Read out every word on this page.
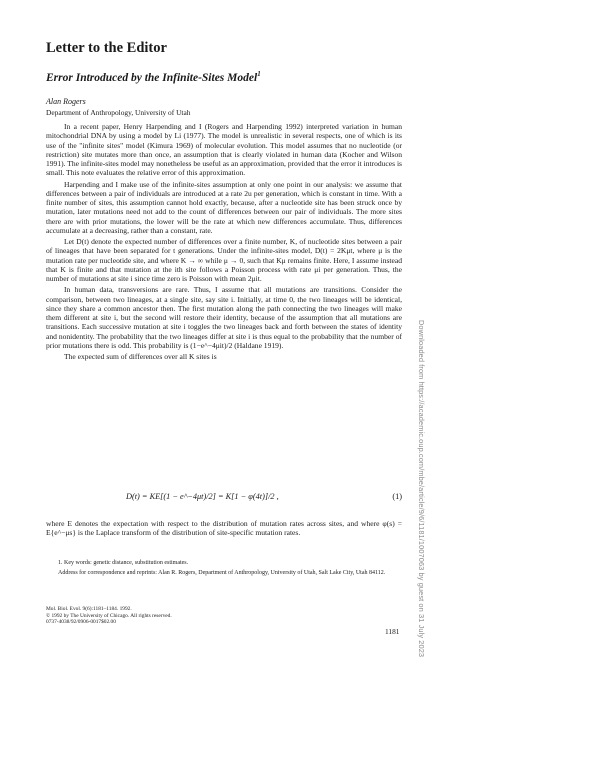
Letter to the Editor
Error Introduced by the Infinite-Sites Model$^1$
Alan Rogers
Department of Anthropology, University of Utah

In a recent paper, Henry Harpending and I (Rogers and Harpending 1992) interpreted variation in human mitochondrial DNA by using a model by Li (1977). The model is unrealistic in several respects, one of which is its use of the "infinite sites" model (Kimura 1969) of molecular evolution. This model assumes that no nucleotide (or restriction) site mutates more than once, an assumption that is clearly violated in human data (Kocher and Wilson 1991). The infinite-sites model may nonetheless be useful as an approximation, provided that the error it introduces is small. This note evaluates the relative error of this approximation.

Harpending and I make use of the infinite-sites assumption at only one point in our analysis: we assume that differences between a pair of individuals are introduced at a rate 2u per generation, which is constant in time. With a finite number of sites, this assumption cannot hold exactly, because, after a nucleotide site has been struck once by mutation, later mutations need not add to the count of differences between our pair of individuals. The more sites there are with prior mutations, the lower will be the rate at which new differences accumulate. Thus, differences accumulate at a decreasing, rather than a constant, rate.

Let D(t) denote the expected number of differences over a finite number, K, of nucleotide sites between a pair of lineages that have been separated for t generations. Under the infinite-sites model, D(t) = 2Kμt, where μ is the mutation rate per nucleotide site, and where K → ∞ while μ → 0, such that Kμ remains finite. Here, I assume instead that K is finite and that mutation at the ith site follows a Poisson process with rate μi per generation. Thus, the number of mutations at site i since time zero is Poisson with mean 2μit.

In human data, transversions are rare. Thus, I assume that all mutations are transitions. Consider the comparison, between two lineages, at a single site, say site i. Initially, at time 0, the two lineages will be identical, since they share a common ancestor then. The first mutation along the path connecting the two lineages will make them different at site i, but the second will restore their identity, because of the assumption that all mutations are transitions. Each successive mutation at site i toggles the two lineages back and forth between the states of identity and nonidentity. The probability that the two lineages differ at site i is thus equal to the probability that the number of prior mutations there is odd. This probability is (1−e^−4μit)/2 (Haldane 1919).

The expected sum of differences over all K sites is

D(t) = KE[(1 − e^−4μt)/2] = K[1 − φ(4t)]/2 ,	(1)

where E denotes the expectation with respect to the distribution of mutation rates across sites, and where φ(s) = E{e^−μs} is the Laplace transform of the distribution of site-specific mutation rates.

1. Key words: genetic distance, substitution estimates.

Address for correspondence and reprints: Alan R. Rogers, Department of Anthropology, University of Utah, Salt Lake City, Utah 84112.

Mol. Biol. Evol. 9(6):1181–1184. 1992.
© 1992 by The University of Chicago. All rights reserved.
0737-4038/92/0906-0017$02.00
1181 Downloaded from https://academic.oup.com/mbe/article/9/6/1181/1007063 by guest on 31 July 2023
